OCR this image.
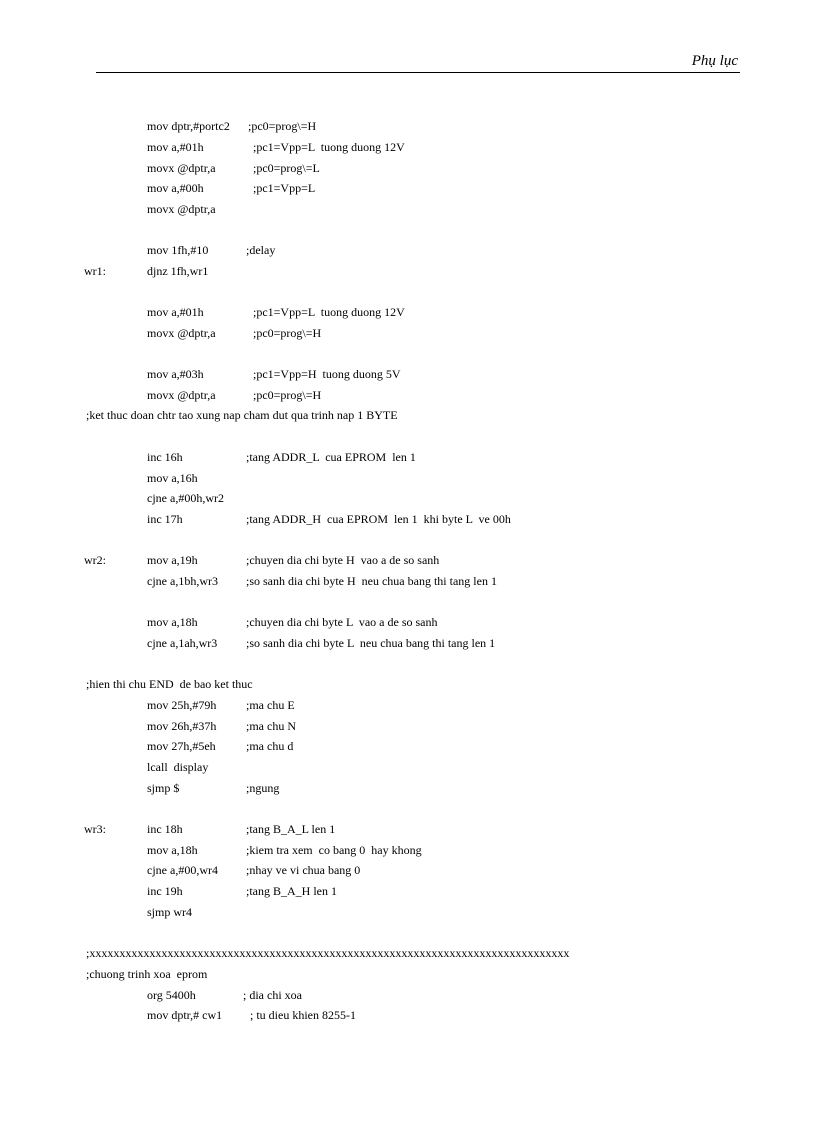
Phụ lục
mov dptr,#portc2 ;pc0=prog\=H
mov a,#01h	;pc1=Vpp=L  tuong duong 12V
movx @dptr,a	;pc0=prog\=L
mov a,#00h	;pc1=Vpp=L
movx @dptr,a
mov 1fh,#10	;delay
wr1:	djnz 1fh,wr1
mov a,#01h	;pc1=Vpp=L  tuong duong 12V
movx @dptr,a	;pc0=prog\=H
mov a,#03h	;pc1=Vpp=H  tuong duong 5V
movx @dptr,a	;pc0=prog\=H
;ket thuc doan chtr tao xung nap cham dut qua trinh nap 1 BYTE
inc 16h	;tang ADDR_L  cua EPROM  len 1
mov a,16h
cjne a,#00h,wr2
inc 17h	;tang ADDR_H  cua EPROM  len 1  khi byte L  ve 00h
wr2:	mov a,19h	;chuyen dia chi byte H  vao a de so sanh
cjne a,1bh,wr3 ;so sanh dia chi byte H  neu chua bang thi tang len 1
mov a,18h	;chuyen dia chi byte L  vao a de so sanh
cjne a,1ah,wr3 ;so sanh dia chi byte L  neu chua bang thi tang len 1
;hien thi chu END  de bao ket thuc
mov 25h,#79h ;ma chu E
mov 26h,#37h ;ma chu N
mov 27h,#5eh	;ma chu d
lcall  display
sjmp $	;ngung
wr3:	inc 18h	;tang B_A_L len 1
mov a,18h	;kiem tra xem  co bang 0  hay khong
cjne a,#00,wr4 ;nhay ve vi chua bang 0
inc 19h	;tang B_A_H len 1
sjmp wr4
;xxxxxxxxxxxxxxxxxxxxxxxxxxxxxxxxxxxxxxxxxxxxxxxxxxxxxxxxxxxxxxxxxxxxxxxxxxxxxxxx
;chuong trinh xoa  eprom
org 5400h	; dia chi xoa
mov dptr,# cw1 ; tu dieu khien 8255-1
